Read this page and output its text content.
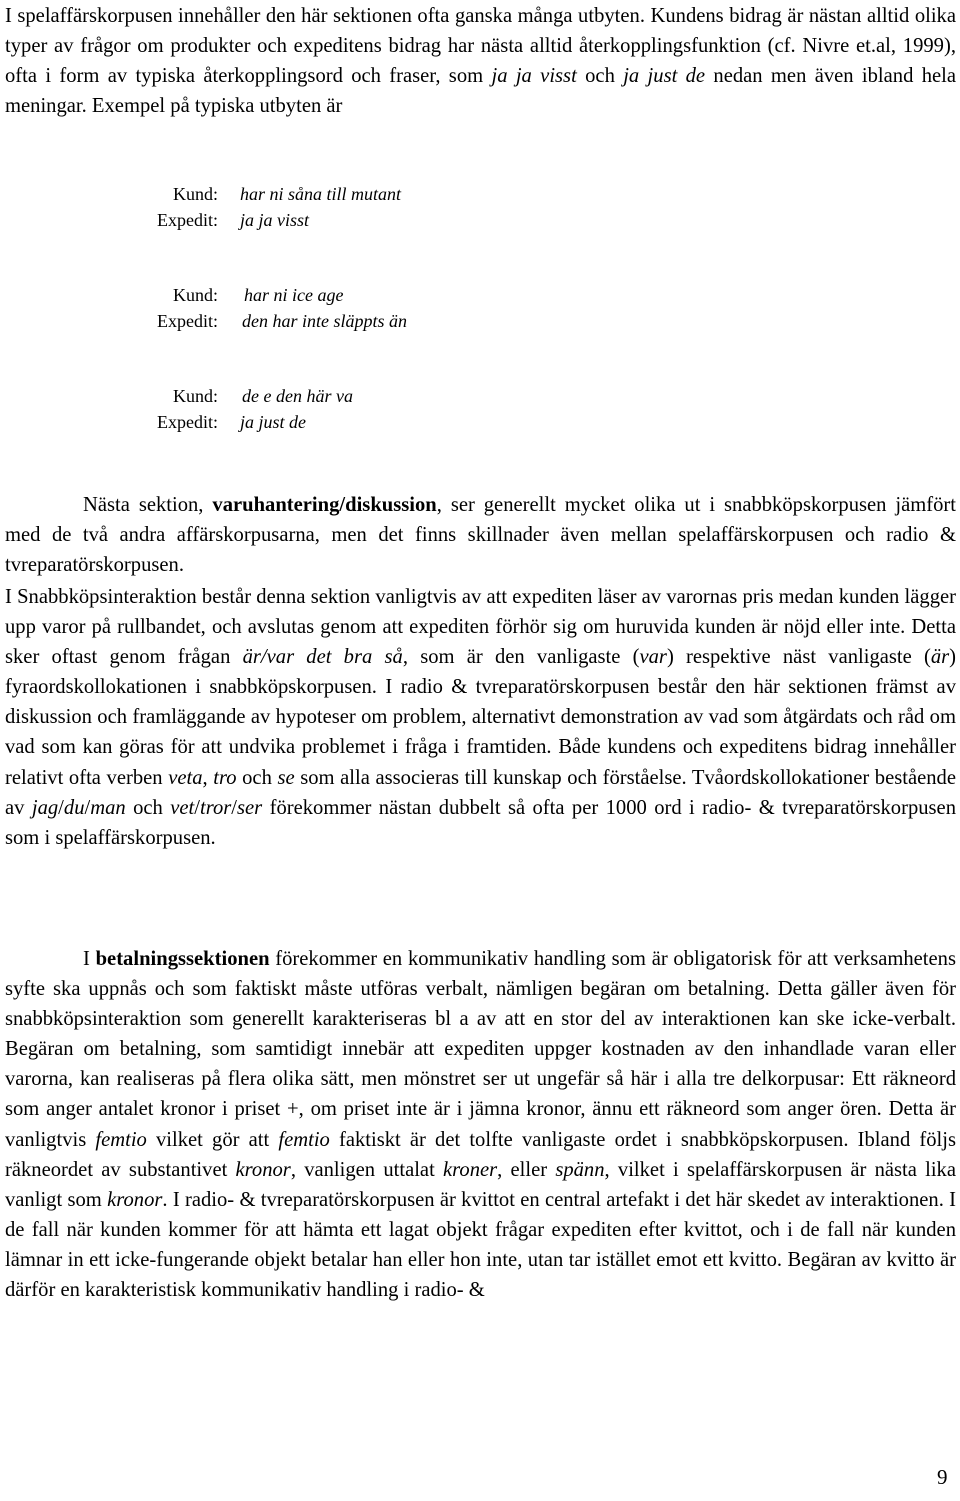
I spelaffärskorpusen innehåller den här sektionen ofta ganska många utbyten. Kundens bidrag är nästan alltid olika typer av frågor om produkter och expeditens bidrag har nästa alltid återkopplingsfunktion (cf. Nivre et.al, 1999), ofta i form av typiska återkopplingsord och fraser, som ja ja visst och ja just de nedan men även ibland hela meningar. Exempel på typiska utbyten är

Kund:	har ni såna till mutant
Expedit:	ja ja visst
Kund:	har ni ice age
Expedit:	den har inte släppts än
Kund:	de e den här va
Expedit:	ja just de

Nästa sektion, varuhantering/diskussion, ser generellt mycket olika ut i snabbköpskorpusen jämfört med de två andra affärskorpusarna, men det finns skillnader även mellan spelaffärskorpusen och radio & tvreparatörskorpusen.

I Snabbköpsinteraktion består denna sektion vanligtvis av att expediten läser av varornas pris medan kunden lägger upp varor på rullbandet, och avslutas genom att expediten förhör sig om huruvida kunden är nöjd eller inte. Detta sker oftast genom frågan är/var det bra så, som är den vanligaste (var) respektive näst vanligaste (är) fyraordskollokationen i snabbköpskorpusen. I radio & tvreparatörskorpusen består den här sektionen främst av diskussion och framläggande av hypoteser om problem, alternativt demonstration av vad som åtgärdats och råd om vad som kan göras för att undvika problemet i fråga i framtiden. Både kundens och expeditens bidrag innehåller relativt ofta verben veta, tro och se som alla associeras till kunskap och förståelse. Tvåordskollokationer bestående av jag/du/man och vet/tror/ser förekommer nästan dubbelt så ofta per 1000 ord i radio- & tvreparatörskorpusen som i spelaffärskorpusen.

I betalningssektionen förekommer en kommunikativ handling som är obligatorisk för att verksamhetens syfte ska uppnås och som faktiskt måste utföras verbalt, nämligen begäran om betalning. Detta gäller även för snabbköpsinteraktion som generellt karakteriseras bl a av att en stor del av interaktionen kan ske icke-verbalt. Begäran om betalning, som samtidigt innebär att expediten uppger kostnaden av den inhandlade varan eller varorna, kan realiseras på flera olika sätt, men mönstret ser ut ungefär så här i alla tre delkorpusar: Ett räkneord som anger antalet kronor i priset +, om priset inte är i jämna kronor, ännu ett räkneord som anger ören. Detta är vanligtvis femtio vilket gör att femtio faktiskt är det tolfte vanligaste ordet i snabbköpskorpusen. Ibland följs räkneordet av substantivet kronor, vanligen uttalat kroner, eller spänn, vilket i spelaffärskorpusen är nästa lika vanligt som kronor. I radio- & tvreparatörskorpusen är kvittot en central artefakt i det här skedet av interaktionen. I de fall när kunden kommer för att hämta ett lagat objekt frågar expediten efter kvittot, och i de fall när kunden lämnar in ett icke-fungerande objekt betalar han eller hon inte, utan tar istället emot ett kvitto. Begäran av kvitto är därför en karakteristisk kommunikativ handling i radio- &

9
